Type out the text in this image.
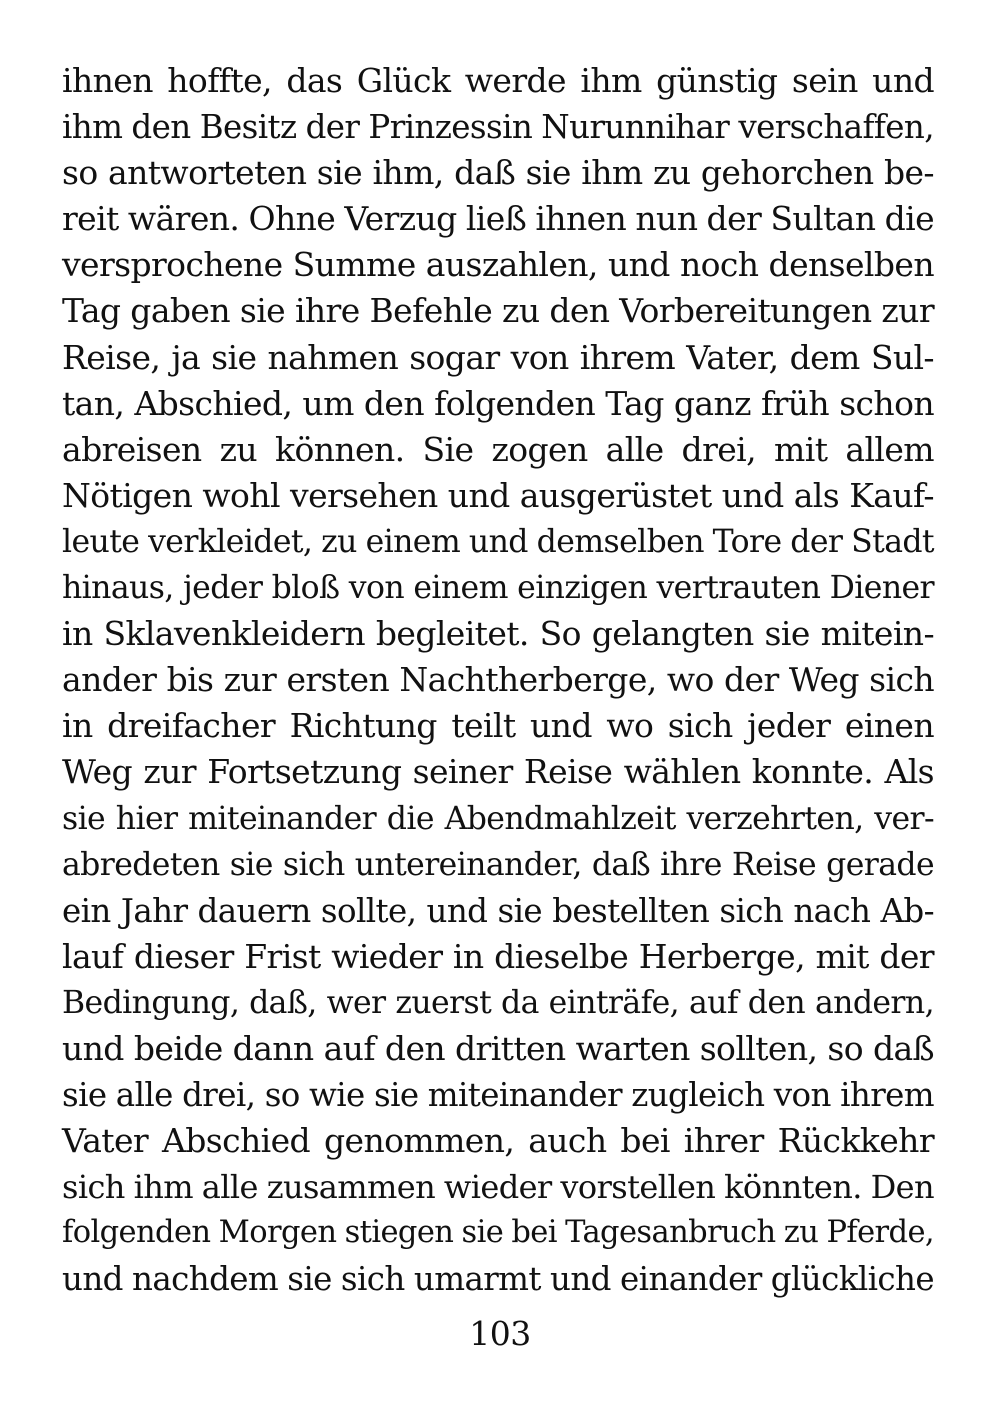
ihnen hoffte, das Glück werde ihm günstig sein und
ihm den Besitz der Prinzessin Nurunnihar verschaffen,
so antworteten sie ihm, daß sie ihm zu gehorchen be-
reit wären. Ohne Verzug ließ ihnen nun der Sultan die
versprochene Summe auszahlen, und noch denselben
Tag gaben sie ihre Befehle zu den Vorbereitungen zur
Reise, ja sie nahmen sogar von ihrem Vater, dem Sul-
tan, Abschied, um den folgenden Tag ganz früh schon
abreisen zu können. Sie zogen alle drei, mit allem
Nötigen wohl versehen und ausgerüstet und als Kauf-
leute verkleidet, zu einem und demselben Tore der Stadt
hinaus, jeder bloß von einem einzigen vertrauten Diener
in Sklavenkleidern begleitet. So gelangten sie mitein-
ander bis zur ersten Nachtherberge, wo der Weg sich
in dreifacher Richtung teilt und wo sich jeder einen
Weg zur Fortsetzung seiner Reise wählen konnte. Als
sie hier miteinander die Abendmahlzeit verzehrten, ver-
abredeten sie sich untereinander, daß ihre Reise gerade
ein Jahr dauern sollte, und sie bestellten sich nach Ab-
lauf dieser Frist wieder in dieselbe Herberge, mit der
Bedingung, daß, wer zuerst da einträfe, auf den andern,
und beide dann auf den dritten warten sollten, so daß
sie alle drei, so wie sie miteinander zugleich von ihrem
Vater Abschied genommen, auch bei ihrer Rückkehr
sich ihm alle zusammen wieder vorstellen könnten. Den
folgenden Morgen stiegen sie bei Tagesanbruch zu Pferde,
und nachdem sie sich umarmt und einander glückliche
103
